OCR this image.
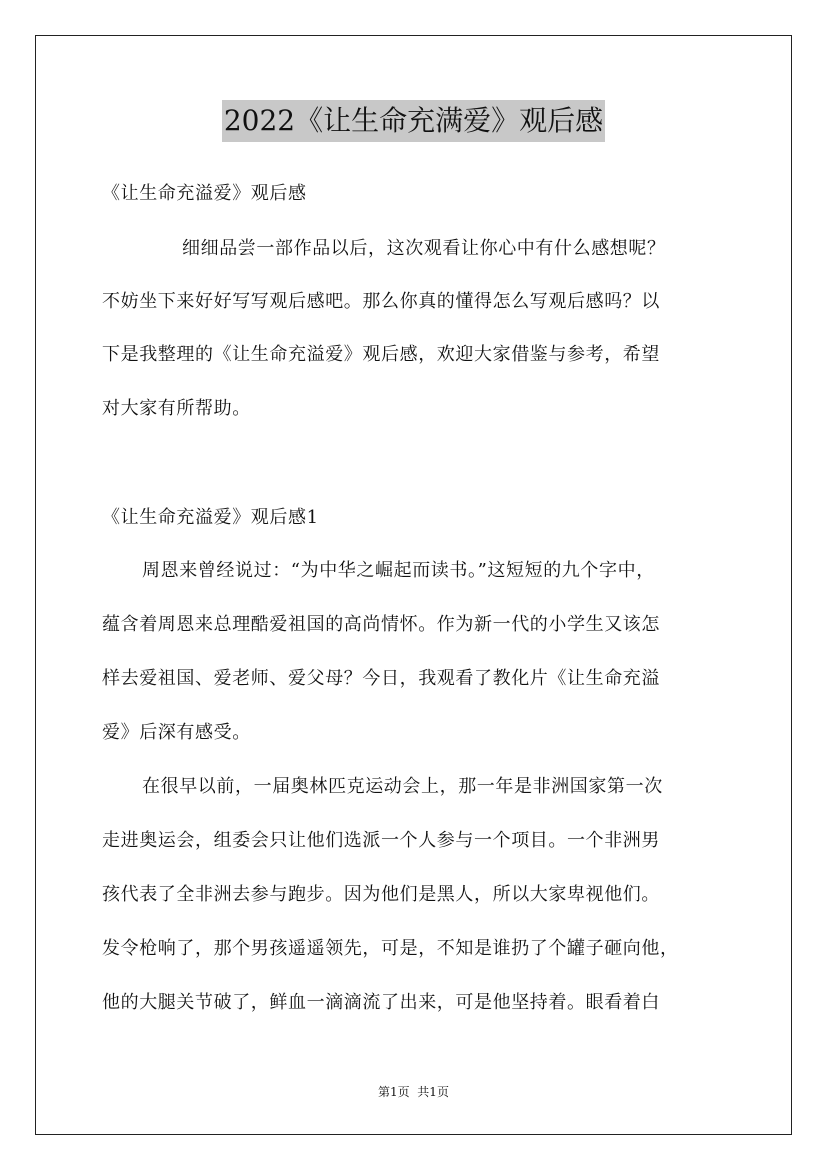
2022《让生命充满爱》观后感
《让生命充溢爱》观后感
细细品尝一部作品以后，这次观看让你心中有什么感想呢？
不妨坐下来好好写写观后感吧。那么你真的懂得怎么写观后感吗？以
下是我整理的《让生命充溢爱》观后感，欢迎大家借鉴与参考，希望
对大家有所帮助。
《让生命充溢爱》观后感1
周恩来曾经说过：“为中华之崛起而读书。”这短短的九个字中，
蕴含着周恩来总理酷爱祖国的高尚情怀。作为新一代的小学生又该怎
样去爱祖国、爱老师、爱父母？今日，我观看了教化片《让生命充溢
爱》后深有感受。
在很早以前，一届奥林匹克运动会上，那一年是非洲国家第一次
走进奥运会，组委会只让他们选派一个人参与一个项目。一个非洲男
孩代表了全非洲去参与跑步。因为他们是黑人，所以大家卑视他们。
发令枪响了，那个男孩遥遥领先，可是，不知是谁扔了个罐子砸向他，
他的大腿关节破了，鲜血一滴滴流了出来，可是他坚持着。眼看着白
第1页  共1页
